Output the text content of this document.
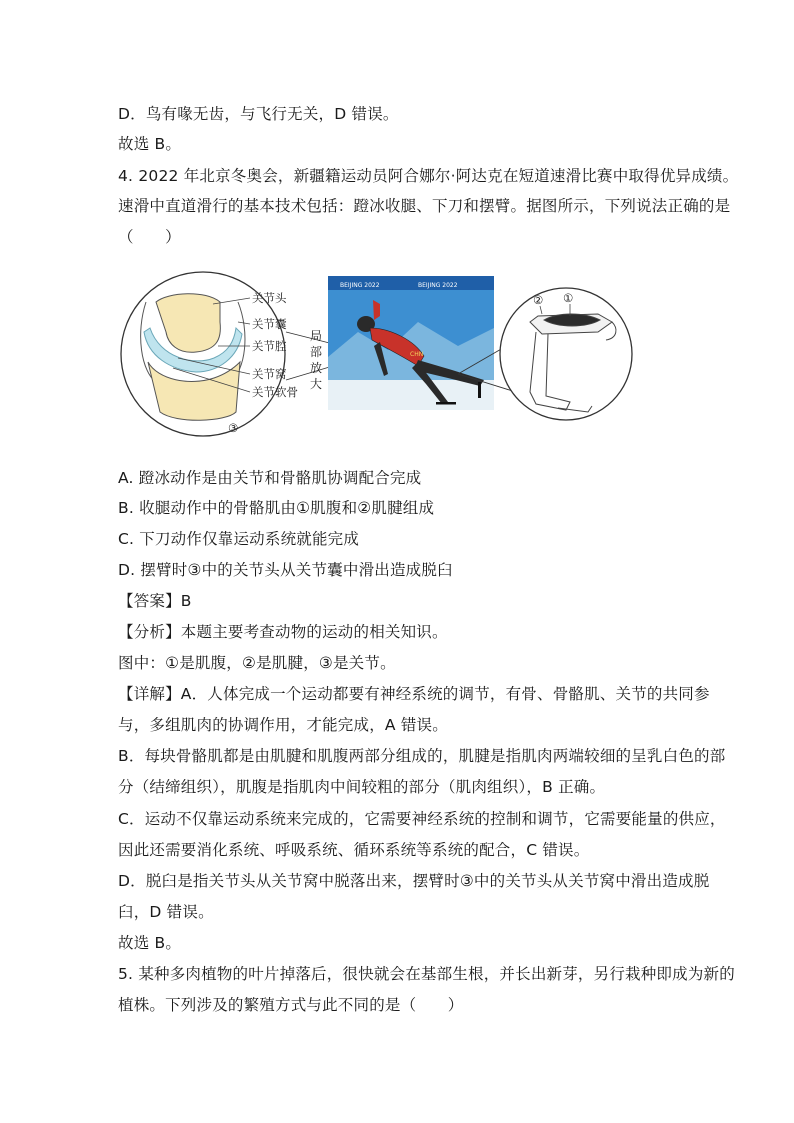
D．鸟有喙无齿，与飞行无关，D 错误。
故选 B。
4. 2022 年北京冬奥会，新疆籍运动员阿合娜尔·阿达克在短道速滑比赛中取得优异成绩。
速滑中直道滑行的基本技术包括：蹬冰收腿、下刀和摆臂。据图所示，下列说法正确的是
（　　）
关节头
关节囊
关节腔
关节窝
关节软骨
③
局
部
放
大
BEIJING 2022	BEIJING 2022
CHN
② ①
A. 蹬冰动作是由关节和骨骼肌协调配合完成
B. 收腿动作中的骨骼肌由①肌腹和②肌腱组成
C. 下刀动作仅靠运动系统就能完成
D. 摆臂时③中的关节头从关节囊中滑出造成脱臼
【答案】B
【分析】本题主要考查动物的运动的相关知识。
图中：①是肌腹，②是肌腱，③是关节。
【详解】A．人体完成一个运动都要有神经系统的调节，有骨、骨骼肌、关节的共同参
与，多组肌肉的协调作用，才能完成，A 错误。
B．每块骨骼肌都是由肌腱和肌腹两部分组成的，肌腱是指肌肉两端较细的呈乳白色的部
分（结缔组织），肌腹是指肌肉中间较粗的部分（肌肉组织），B 正确。
C．运动不仅靠运动系统来完成的，它需要神经系统的控制和调节，它需要能量的供应，
因此还需要消化系统、呼吸系统、循环系统等系统的配合，C 错误。
D．脱臼是指关节头从关节窝中脱落出来，摆臂时③中的关节头从关节窝中滑出造成脱
臼，D 错误。
故选 B。
5. 某种多肉植物的叶片掉落后，很快就会在基部生根，并长出新芽，另行栽种即成为新的
植株。下列涉及的繁殖方式与此不同的是（　　）
